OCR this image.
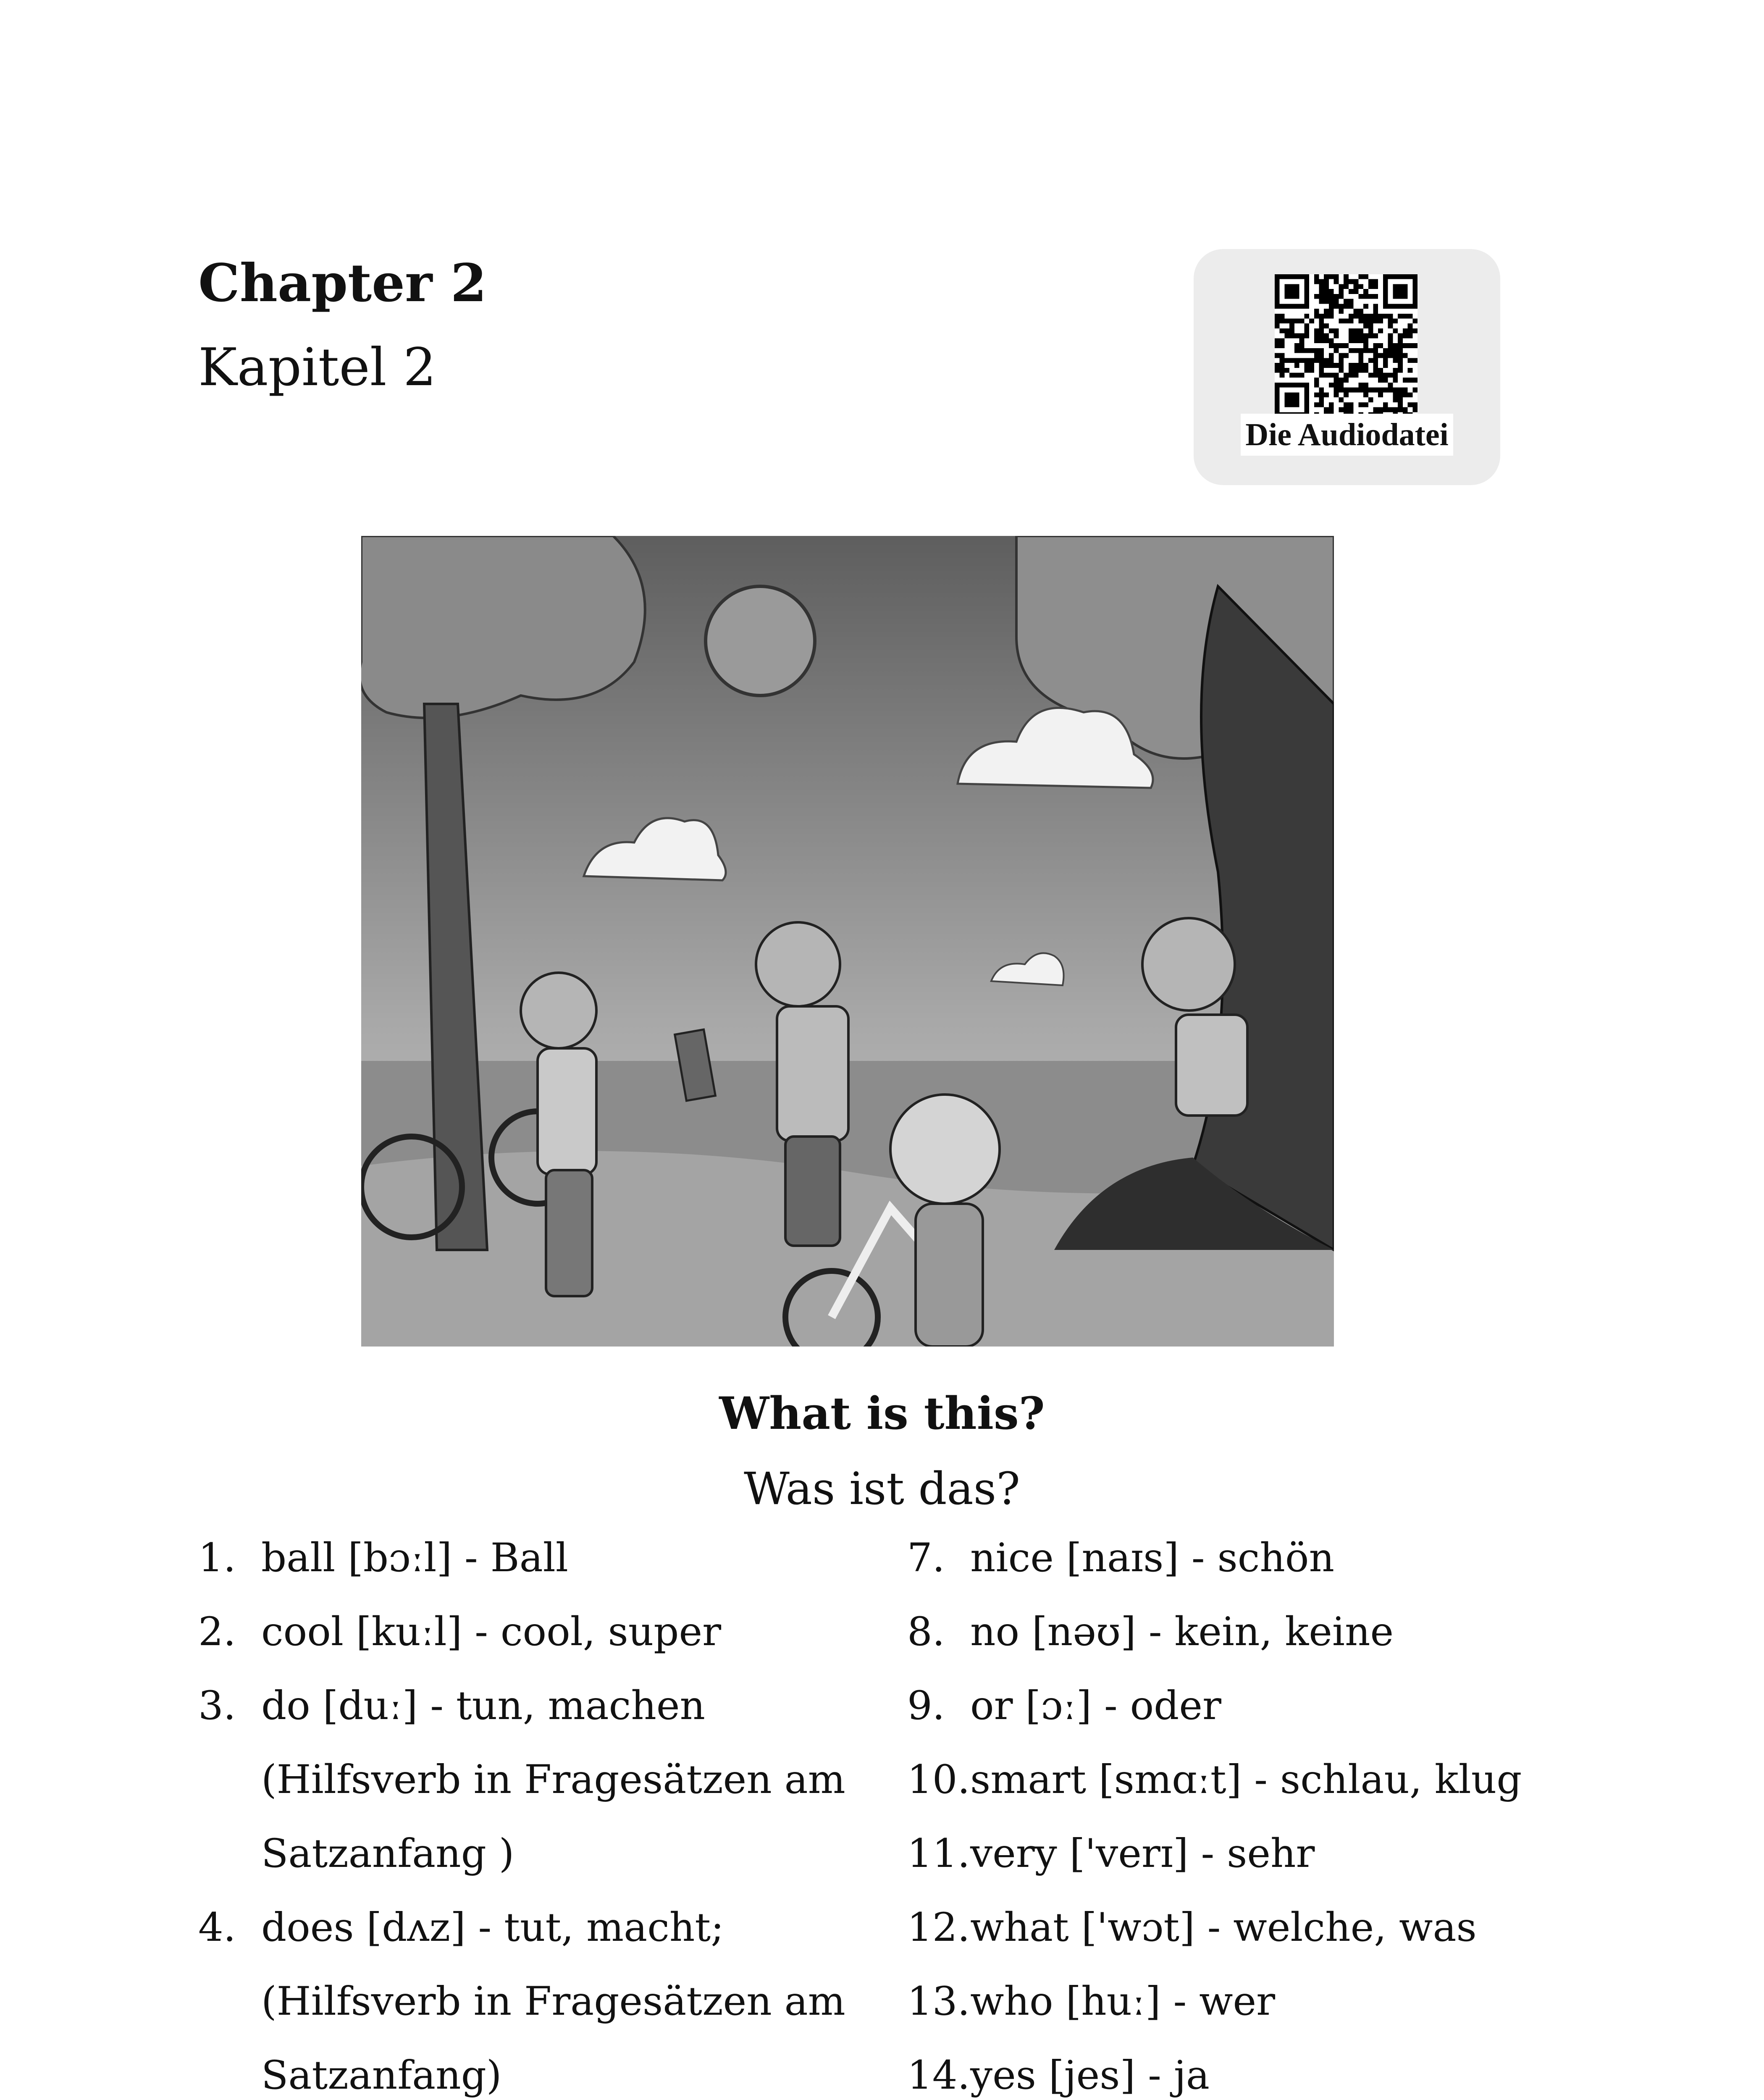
Chapter 2
Kapitel 2
Die Audiodatei
What is this?
Was ist das?
1. ball [bɔːl] - Ball
2. cool [kuːl] - cool, super
3. do [duː] - tun, machen
(Hilfsverb in Fragesätzen am
Satzanfang )
4. does [dʌz] - tut, macht;
(Hilfsverb in Fragesätzen am
Satzanfang)
7. nice [naɪs] - schön
8. no [nəʊ] - kein, keine
9. or [ɔː] - oder
10. smart [smɑːt] - schlau, klug
11. very ['verɪ] - sehr
12. what ['wɔt] - welche, was
13. who [huː] - wer
14. yes [jes] - ja
